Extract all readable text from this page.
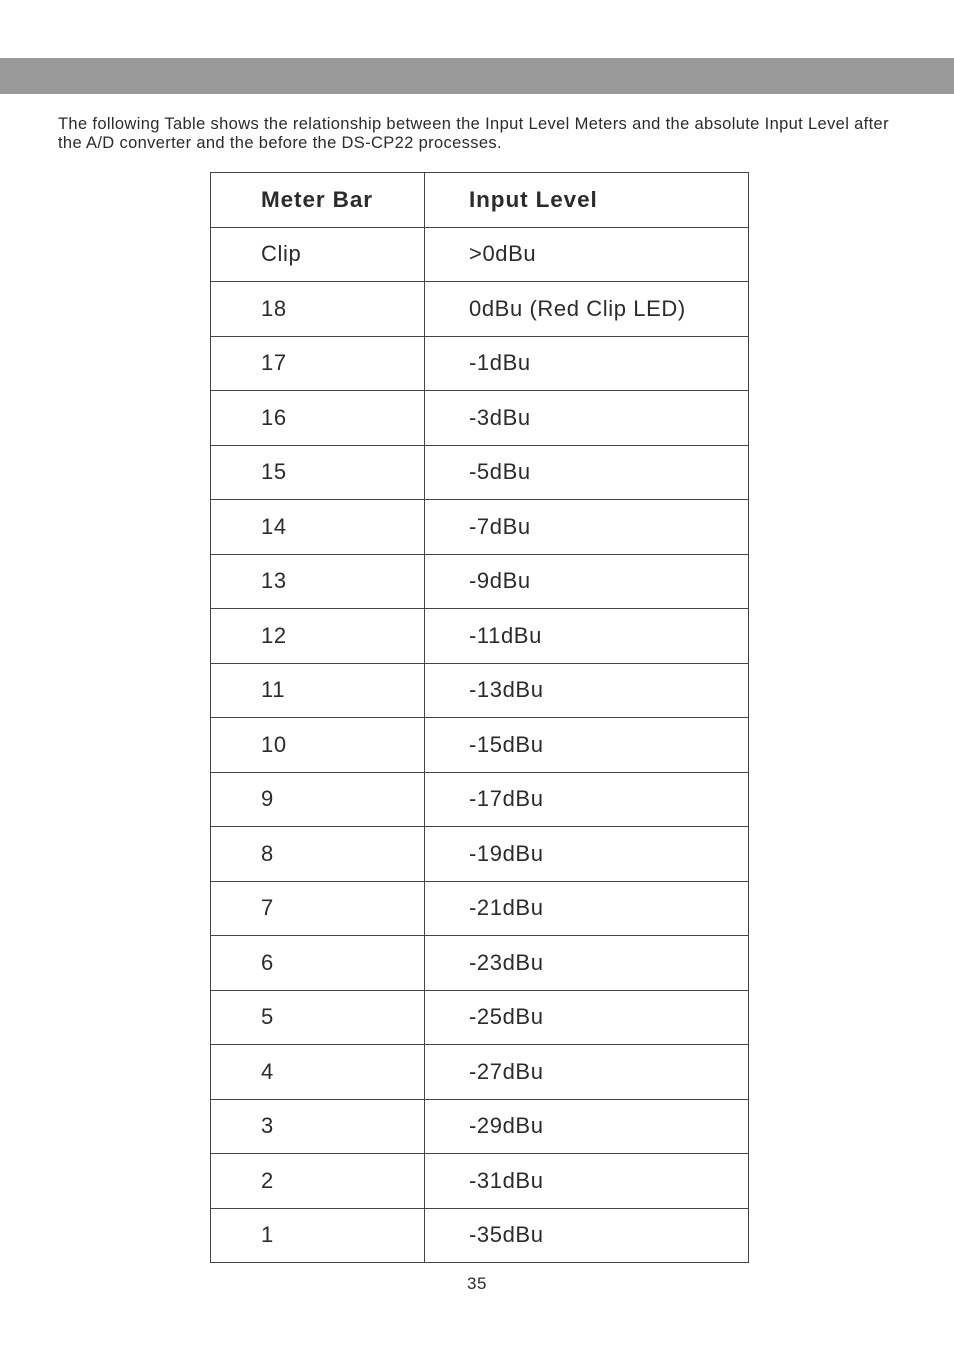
The following Table shows the relationship between the Input Level Meters and the absolute Input Level after the A/D converter and the before the DS-CP22 processes.

Meter Bar	Input Level
Clip	>0dBu
18	0dBu (Red Clip LED)
17	-1dBu
16	-3dBu
15	-5dBu
14	-7dBu
13	-9dBu
12	-11dBu
11	-13dBu
10	-15dBu
9	-17dBu
8	-19dBu
7	-21dBu
6	-23dBu
5	-25dBu
4	-27dBu
3	-29dBu
2	-31dBu
1	-35dBu
35
